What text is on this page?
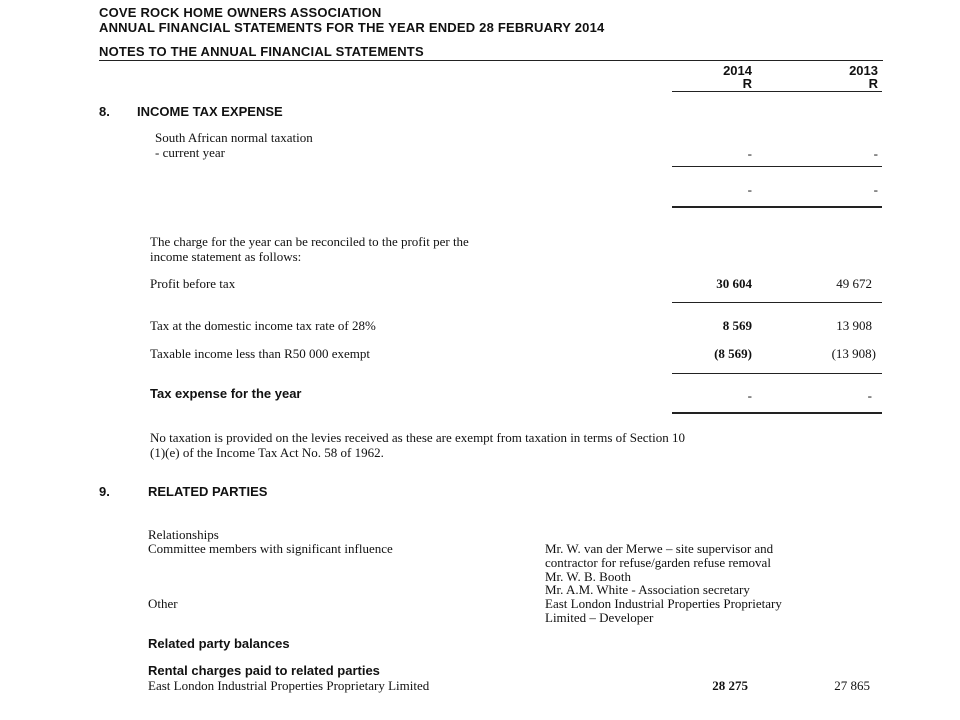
COVE ROCK HOME OWNERS ASSOCIATION
ANNUAL FINANCIAL STATEMENTS FOR THE YEAR ENDED 28 FEBRUARY 2014
NOTES TO THE ANNUAL FINANCIAL STATEMENTS
2014
R
2013
R
8. INCOME TAX EXPENSE
South African normal taxation
- current year	-	-
-	-
The charge for the year can be reconciled to the profit per the
income statement as follows:
Profit before tax	30 604	49 672
Tax at the domestic income tax rate of 28%	8 569	13 908
Taxable income less than R50 000 exempt	(8 569)	(13 908)
Tax expense for the year	-	-
No taxation is provided on the levies received as these are exempt from taxation in terms of Section 10
(1)(e) of the Income Tax Act No. 58 of 1962.
9.	RELATED PARTIES
Relationships
Committee members with significant influence	Mr. W. van der Merwe – site supervisor and
contractor for refuse/garden refuse removal
Mr. W. B. Booth
Mr. A.M. White - Association secretary
Other	East London Industrial Properties Proprietary
Limited – Developer
Related party balances
Rental charges paid to related parties
East London Industrial Properties Proprietary Limited	28 275	27 865
